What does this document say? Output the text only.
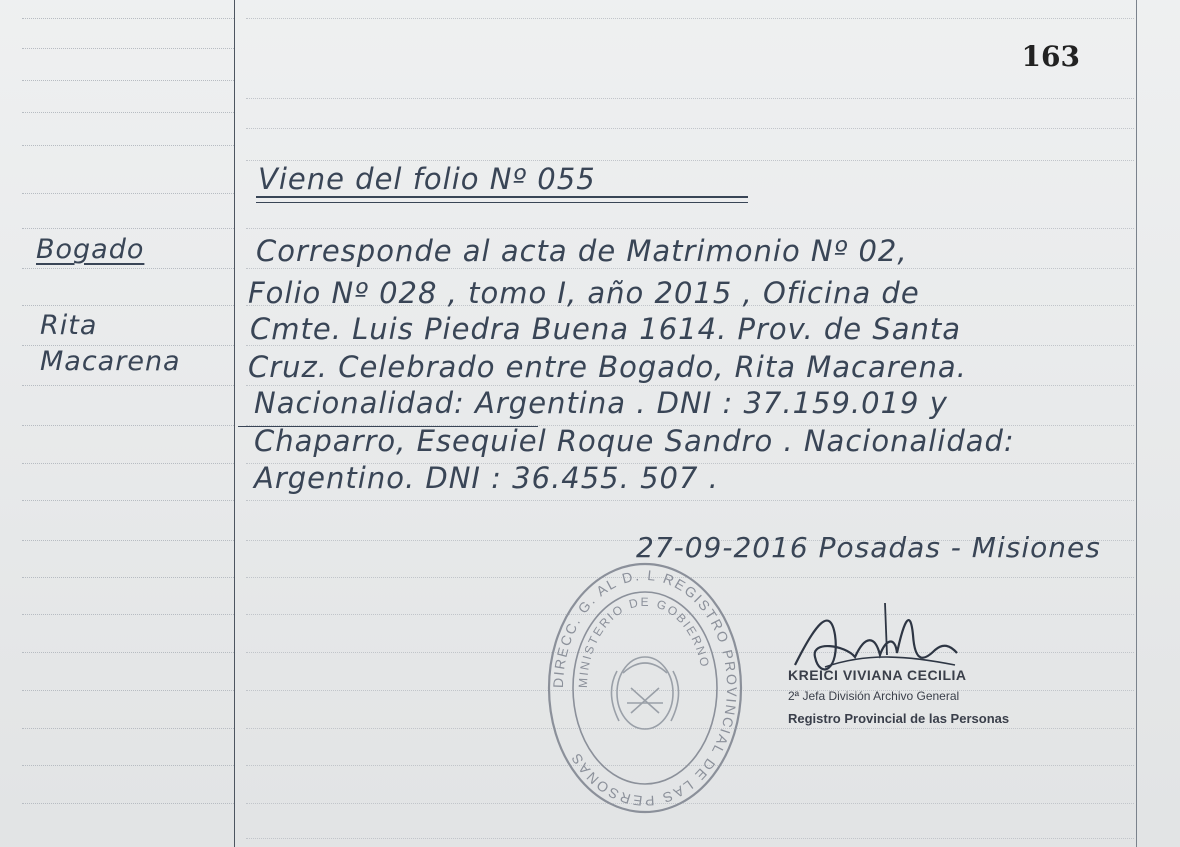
163
Viene del folio Nº 055
Bogado
Rita
Macarena
Corresponde al acta de Matrimonio Nº 02,
Folio Nº 028 , tomo I, año 2015 , Oficina de
Cmte. Luis Piedra Buena 1614. Prov. de Santa
Cruz. Celebrado entre Bogado, Rita Macarena.
Nacionalidad: Argentina . DNI : 37.159.019 y
Chaparro, Esequiel Roque Sandro . Nacionalidad:
Argentino. DNI : 36.455. 507 .
27-09-2016 Posadas - Misiones
DIRECC. G. AL D. L REGISTRO PROVINCIAL DE LAS PERSONAS
MINISTERIO DE GOBIERNO
KREICI VIVIANA CECILIA
2ª Jefa División Archivo General
Registro Provincial de las Personas
